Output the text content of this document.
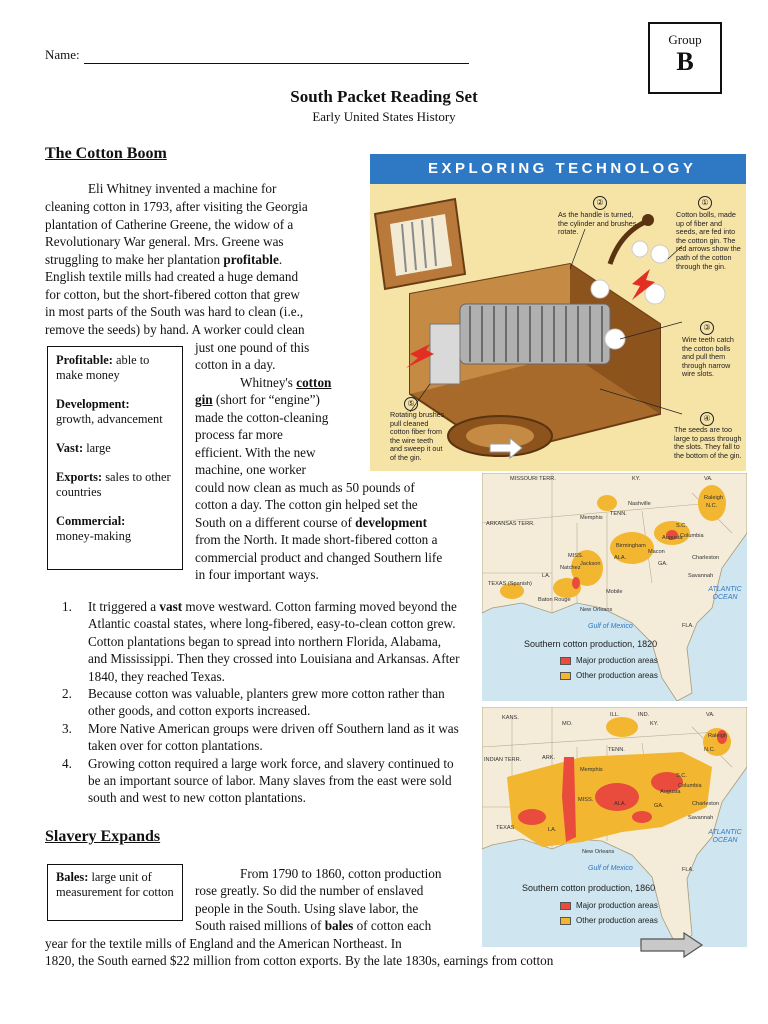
Name:
Group
B
South Packet Reading Set
Early United States History
The Cotton Boom
Eli Whitney invented a machine for
cleaning cotton in 1793, after visiting the Georgia
plantation of Catherine Greene, the widow of a
Revolutionary War general. Mrs. Greene was
struggling to make her plantation profitable.
English textile mills had created a huge demand
for cotton, but the short-fibered cotton that grew
in most parts of the South was hard to clean (i.e.,
remove the seeds) by hand. A worker could clean
just one pound of this
cotton in a day.
Whitney's cotton
gin (short for “engine”)
made the cotton-cleaning
process far more
efficient. With the new
machine, one worker
could now clean as much as 50 pounds of
cotton a day. The cotton gin helped set the
South on a different course of development
from the North. It made short-fibered cotton a
commercial product and changed Southern life
in four important ways.
Profitable: able to make money
Development:
growth, advancement
Vast: large
Exports: sales to other countries
Commercial:
money-making
1.	It triggered a vast move westward. Cotton farming moved beyond the Atlantic coastal states, where long-fibered, easy-to-clean cotton grew. Cotton plantations began to spread into northern Florida, Alabama, and Mississippi. Then they crossed into Louisiana and Arkansas. After 1840, they reached Texas.
2.	Because cotton was valuable, planters grew more cotton rather than other goods, and cotton exports increased.
3.	More Native American groups were driven off Southern land as it was taken over for cotton plantations.
4.	Growing cotton required a large work force, and slavery continued to be an important source of labor. Many slaves from the east were sold south and west to new cotton plantations.
Slavery Expands
Bales: large unit of measurement for cotton
From 1790 to 1860, cotton production
rose greatly. So did the number of enslaved
people in the South. Using slave labor, the
South raised millions of bales of cotton each
year for the textile mills of England and the American Northeast. In
1820, the South earned $22 million from cotton exports. By the late 1830s, earnings from cotton
EXPLORING TECHNOLOGY
①
Cotton bolls, made up of fiber and seeds, are fed into the cotton gin. The red arrows show the path of the cotton through the gin.
②
As the handle is turned, the cylinder and brushes rotate.
③
Wire teeth catch the cotton bolls and pull them through narrow wire slots.
④
The seeds are too large to pass through the slots. They fall to the bottom of the gin.
⑤
Rotating brushes pull cleaned cotton fiber from the wire teeth and sweep it out of the gin.
MISSOURI TERR.	KY.	VA.
ARKANSAS TERR.
TENN.
N.C.
Raleigh
Memphis
Nashville
S.C.
MISS.	ALA.
GA.
Augusta
Charleston
Savannah
LA.
TEXAS (Spanish)
New Orleans
FLA.
Natchez
Macon
Columbia
Jackson
Birmingham
Mobile
Baton Rouge
ATLANTIC OCEAN
Gulf of Mexico
Southern cotton production, 1820
Major production areas
Other production areas
KANS.
MO.
ILL.	IND.
KY.
VA.
INDIAN TERR.	ARK.
TENN.	N.C.
S.C.
MISS.
ALA.	GA.
TEXAS	LA.
FLA.
Charleston
Savannah
New Orleans
Columbia
Augusta
Memphis
Raleigh
ATLANTIC OCEAN
Gulf of Mexico
Southern cotton production, 1860
Major production areas
Other production areas
